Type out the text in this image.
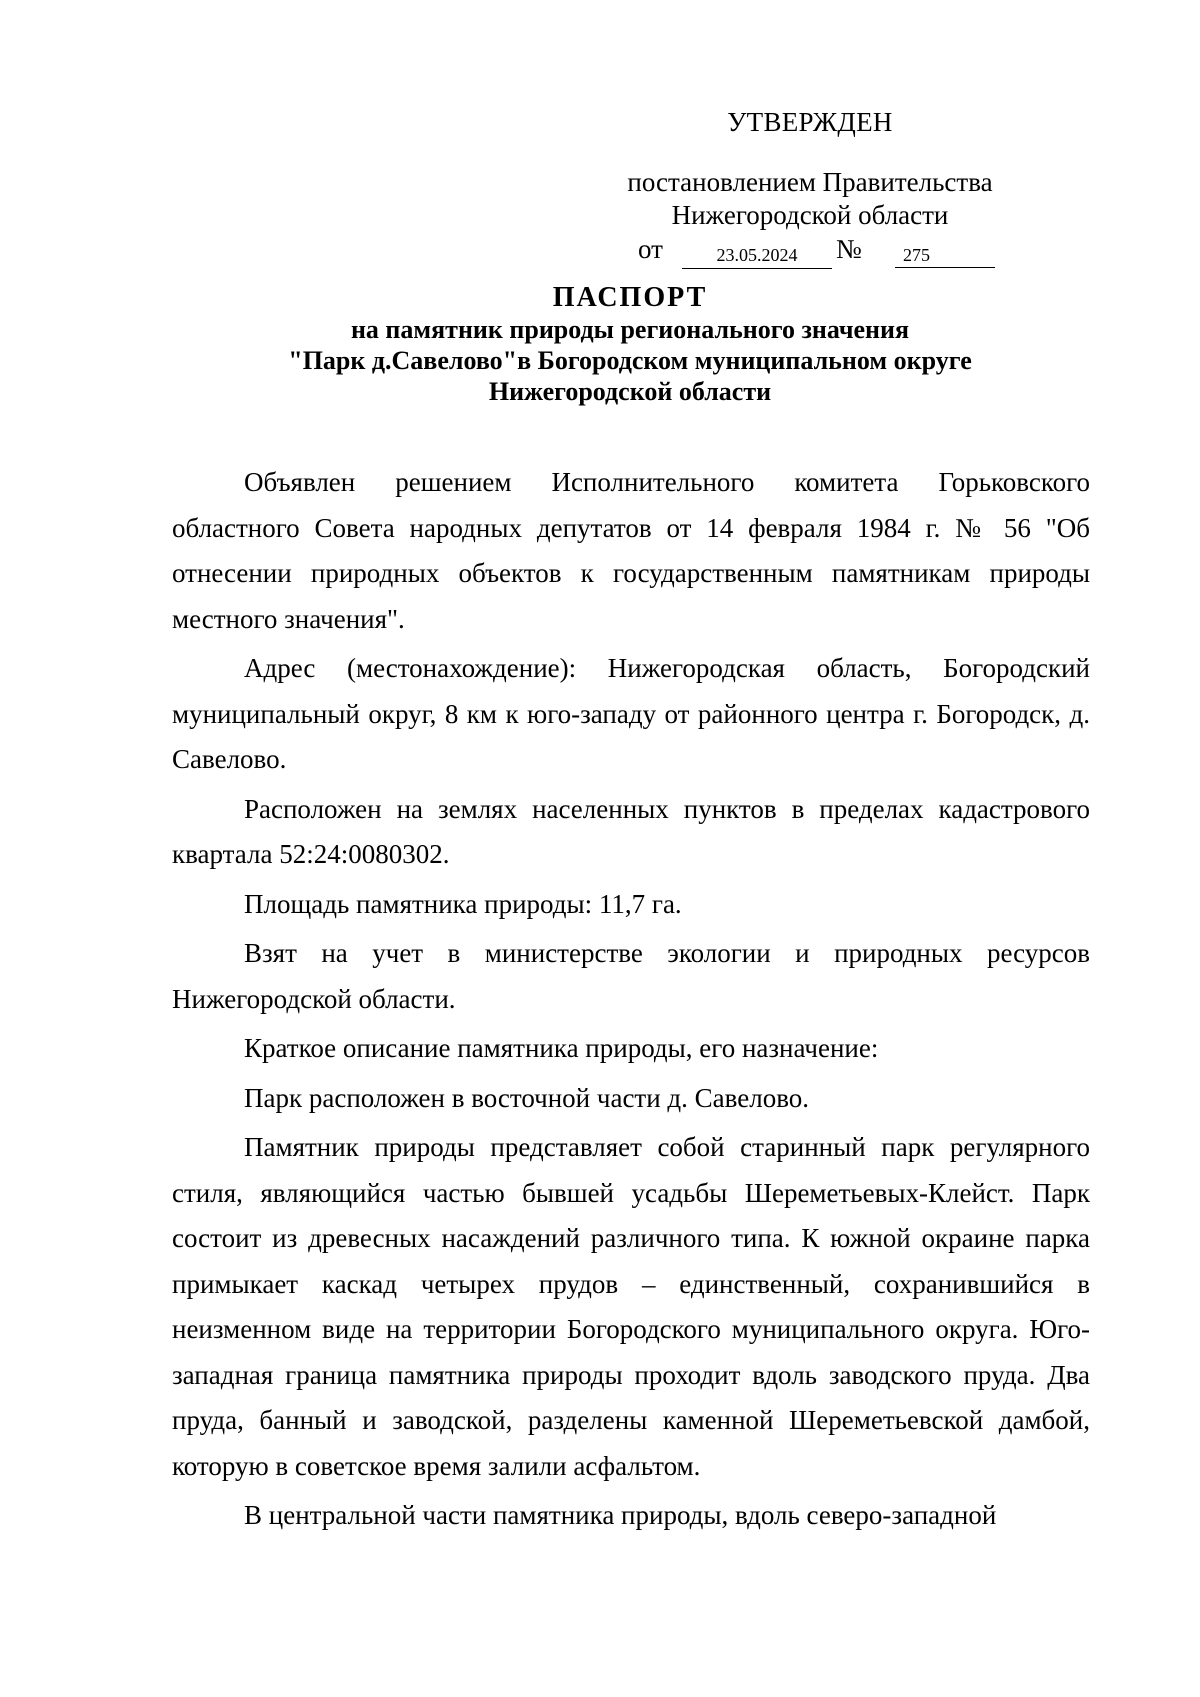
УТВЕРЖДЕН
постановлением Правительства
Нижегородской области
от	23.05.2024	№	275
ПАСПОРТ
на памятник природы регионального значения
"Парк д.Савелово"в Богородском муниципальном округе
Нижегородской области

Объявлен решением Исполнительного комитета Горьковского областного Совета народных депутатов от 14 февраля 1984 г. № 56 "Об отнесении природных объектов к государственным памятникам природы местного значения".

Адрес (местонахождение): Нижегородская область, Богородский муниципальный округ, 8 км к юго-западу от районного центра г. Богородск, д. Савелово.

Расположен на землях населенных пунктов в пределах кадастрового квартала 52:24:0080302.

Площадь памятника природы: 11,7 га.

Взят на учет в министерстве экологии и природных ресурсов Нижегородской области.

Краткое описание памятника природы, его назначение:

Парк расположен в восточной части д. Савелово.

Памятник природы представляет собой старинный парк регулярного стиля, являющийся частью бывшей усадьбы Шереметьевых-Клейст. Парк состоит из древесных насаждений различного типа. К южной окраине парка примыкает каскад четырех прудов – единственный, сохранившийся в неизменном виде на территории Богородского муниципального округа. Юго-западная граница памятника природы проходит вдоль заводского пруда. Два пруда, банный и заводской, разделены каменной Шереметьевской дамбой, которую в советское время залили асфальтом.

В центральной части памятника природы, вдоль северо-западной
